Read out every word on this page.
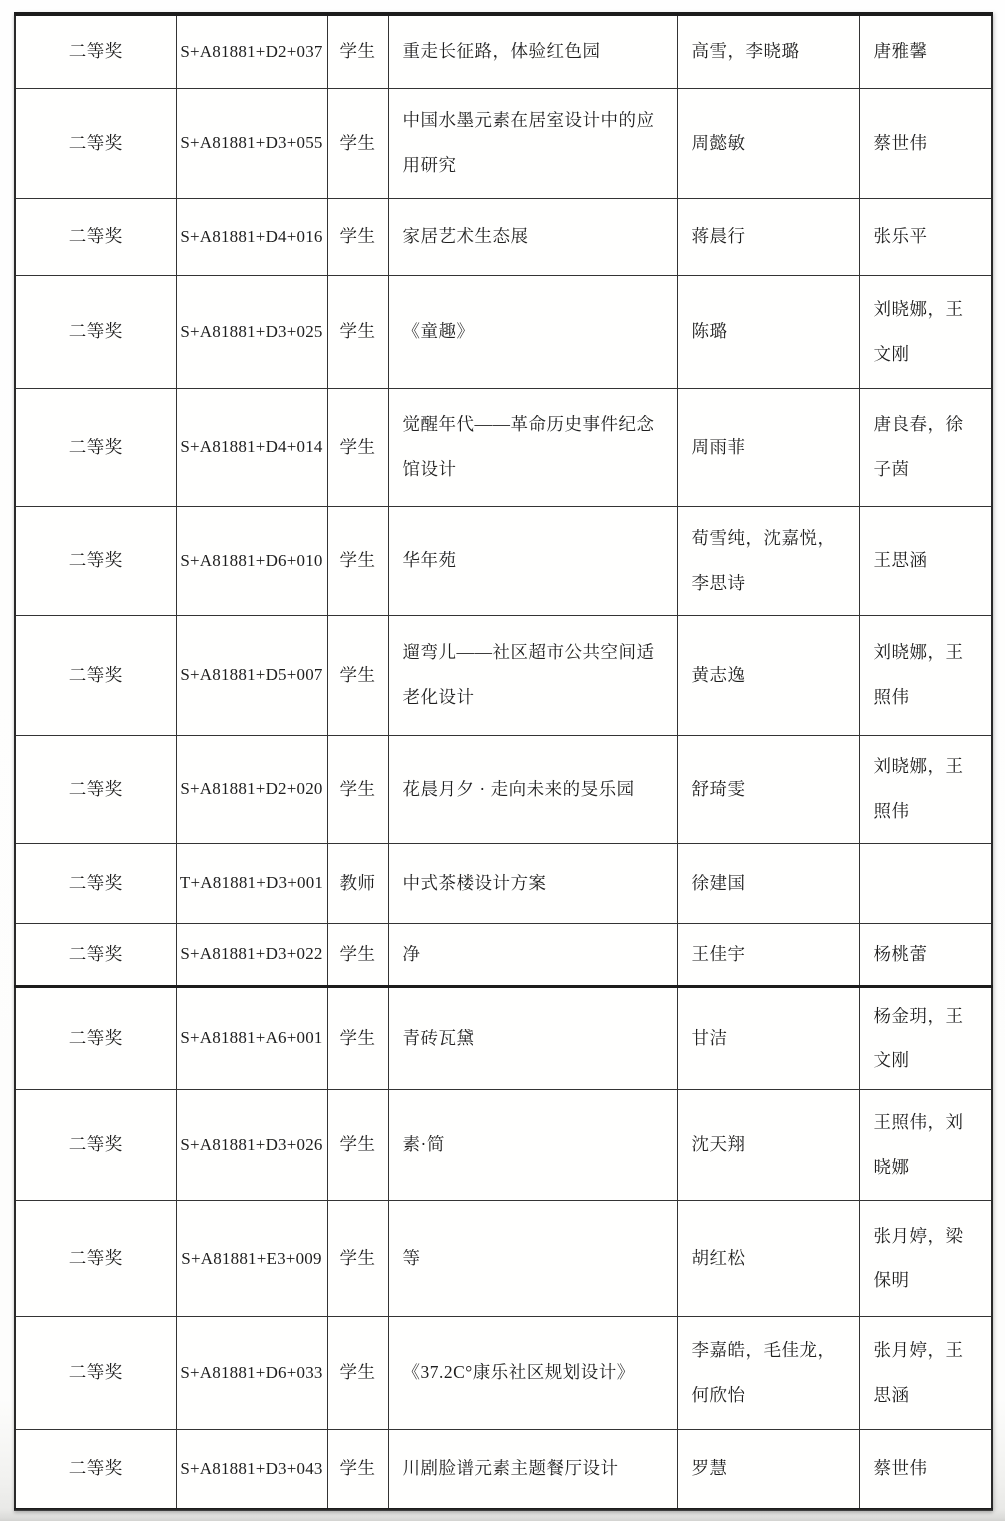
二等奖	S+A81881+D2+037	学生	重走长征路，体验红色园	高雪，李晓璐	唐雅馨
二等奖	S+A81881+D3+055	学生	中国水墨元素在居室设计中的应用研究	周懿敏	蔡世伟
二等奖	S+A81881+D4+016	学生	家居艺术生态展	蒋晨行	张乐平
二等奖	S+A81881+D3+025	学生	《童趣》	陈璐	刘晓娜，王文刚
二等奖	S+A81881+D4+014	学生	觉醒年代——革命历史事件纪念馆设计	周雨菲	唐良春，徐子茵
二等奖	S+A81881+D6+010	学生	华年苑	荀雪纯，沈嘉悦，李思诗	王思涵
二等奖	S+A81881+D5+007	学生	遛弯儿——社区超市公共空间适老化设计	黄志逸	刘晓娜，王照伟
二等奖	S+A81881+D2+020	学生	花晨月夕 · 走向未来的旻乐园	舒琦雯	刘晓娜，王照伟
二等奖	T+A81881+D3+001	教师	中式茶楼设计方案	徐建国	
二等奖	S+A81881+D3+022	学生	净	王佳宇	杨桃蕾
二等奖	S+A81881+A6+001	学生	青砖瓦黛	甘洁	杨金玥，王文刚
二等奖	S+A81881+D3+026	学生	素·简	沈天翔	王照伟，刘晓娜
二等奖	S+A81881+E3+009	学生	等	胡红松	张月婷，梁保明
二等奖	S+A81881+D6+033	学生	《37.2C°康乐社区规划设计》	李嘉皓，毛佳龙，何欣怡	张月婷，王思涵
二等奖	S+A81881+D3+043	学生	川剧脸谱元素主题餐厅设计	罗慧	蔡世伟
